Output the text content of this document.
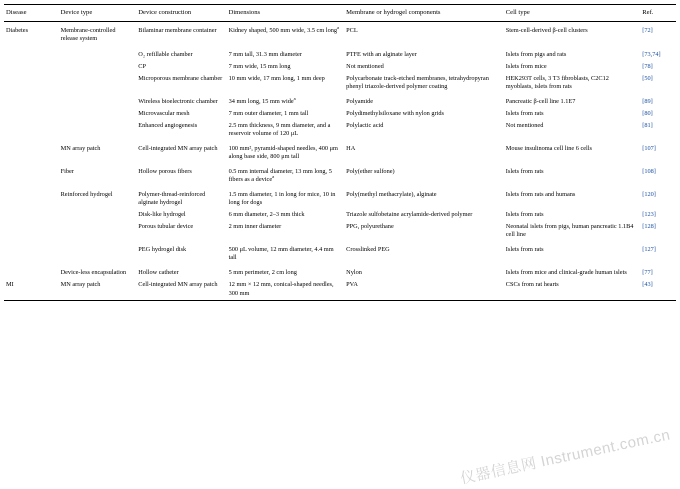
Disease	Device type	Device construction	Dimensions	Membrane or hydrogel components	Cell type	Ref.
Diabetes	Membrane-controlled release system	Bilaminar membrane container	Kidney shaped, 500 mm wide, 3.5 cm long$^a$	PCL	Stem-cell-derived β-cell clusters	[72]
		O₂ refillable chamber	7 mm tall, 31.3 mm diameter	PTFE with an alginate layer	Islets from pigs and rats	[73,74]
		CP	7 mm wide, 15 mm long	Not mentioned	Islets from mice	[78]
		Microporous membrane chamber	10 mm wide, 17 mm long, 1 mm deep	Polycarbonate track-etched membranes, tetrahydropyran phenyl triazole-derived polymer coating	HEK293T cells, 3 T3 fibroblasts, C2C12 myoblasts, islets from rats	[50]
		Wireless bioelectronic chamber	34 mm long, 15 mm wide$^a$	Polyamide	Pancreatic β-cell line 1.1E7	[89]
		Microvascular mesh	7 mm outer diameter, 1 mm tall	Polydimethylsiloxane with nylon grids	Islets from rats	[80]
		Enhanced angiogenesis	2.5 mm thickness, 9 mm diameter, and a reservoir volume of 120 μL	Polylactic acid	Not mentioned	[81]
	MN array patch	Cell-integrated MN array patch	100 mm², pyramid-shaped needles, 400 μm along base side, 800 μm tall	HA	Mouse insulinoma cell line 6 cells	[107]
	Fiber	Hollow porous fibers	0.5 mm internal diameter, 13 mm long, 5 fibers as a device$^a$	Poly(ether sulfone)	Islets from rats	[108]
	Reinforced hydrogel	Polymer-thread-reinforced alginate hydrogel	1.5 mm diameter, 1 in long for mice, 10 in long for dogs	Poly(methyl methacrylate), alginate	Islets from rats and humans	[120]
		Disk-like hydrogel	6 mm diameter, 2–3 mm thick	Triazole sulfobetaine acrylamide-derived polymer	Islets from rats	[123]
		Porous tubular device	2 mm inner diameter	PPG, polyurethane	Neonatal islets from pigs, human pancreatic 1.1B4 cell line	[128]
		PEG hydrogel disk	500 μL volume, 12 mm diameter, 4.4 mm tall	Crosslinked PEG	Islets from rats	[127]
	Device-less encapsulation	Hollow catheter	5 mm perimeter, 2 cm long	Nylon	Islets from mice and clinical-grade human islets	[77]
MI	MN array patch	Cell-integrated MN array patch	12 mm × 12 mm, conical-shaped needles, 300 mm	PVA	CSCs from rat hearts	[43]
仪器信息网 Instrument.com.cn
